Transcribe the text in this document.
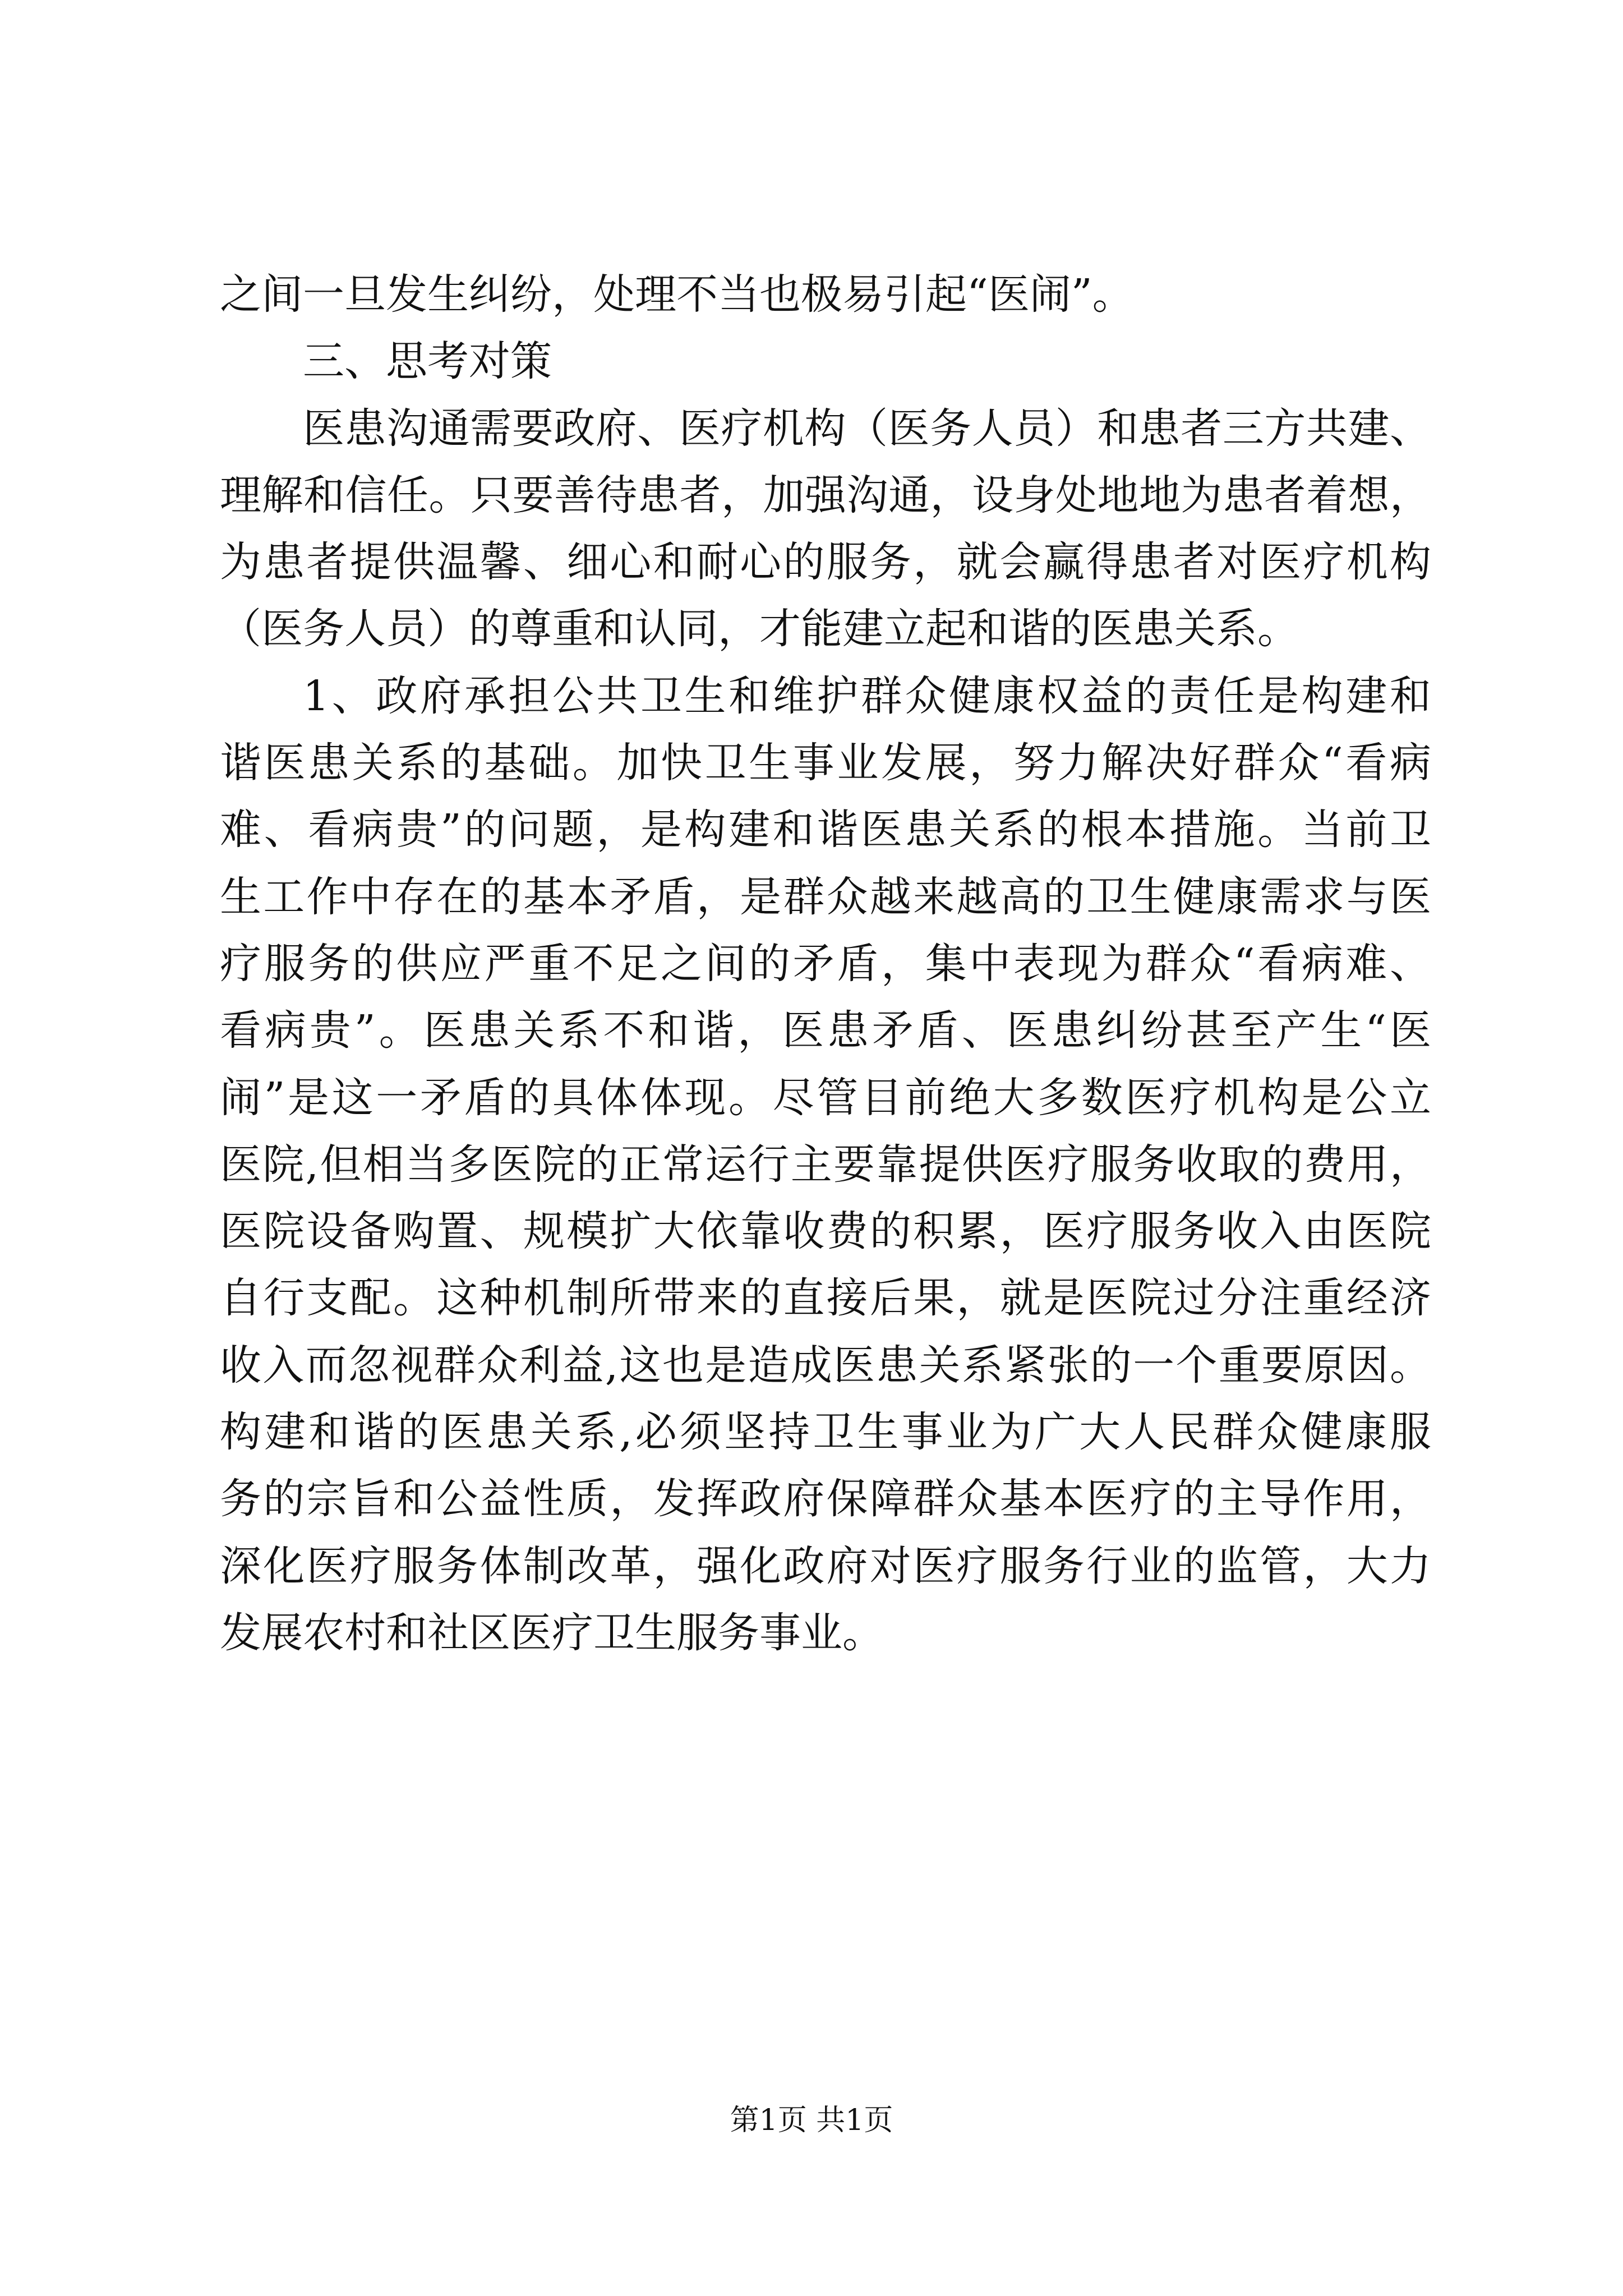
之间一旦发生纠纷，处理不当也极易引起“医闹”。
三、思考对策
医患沟通需要政府、医疗机构（医务人员）和患者三方共建、
理解和信任。只要善待患者，加强沟通，设身处地地为患者着想，
为患者提供温馨、细心和耐心的服务，就会赢得患者对医疗机构
（医务人员）的尊重和认同，才能建立起和谐的医患关系。
1、政府承担公共卫生和维护群众健康权益的责任是构建和
谐医患关系的基础。加快卫生事业发展，努力解决好群众“看病
难、看病贵”的问题，是构建和谐医患关系的根本措施。当前卫
生工作中存在的基本矛盾，是群众越来越高的卫生健康需求与医
疗服务的供应严重不足之间的矛盾，集中表现为群众“看病难、
看病贵”。医患关系不和谐，医患矛盾、医患纠纷甚至产生“医
闹”是这一矛盾的具体体现。尽管目前绝大多数医疗机构是公立
医院,但相当多医院的正常运行主要靠提供医疗服务收取的费用，
医院设备购置、规模扩大依靠收费的积累，医疗服务收入由医院
自行支配。这种机制所带来的直接后果，就是医院过分注重经济
收入而忽视群众利益,这也是造成医患关系紧张的一个重要原因。
构建和谐的医患关系,必须坚持卫生事业为广大人民群众健康服
务的宗旨和公益性质，发挥政府保障群众基本医疗的主导作用，
深化医疗服务体制改革，强化政府对医疗服务行业的监管，大力
发展农村和社区医疗卫生服务事业。
第1页 共1页
